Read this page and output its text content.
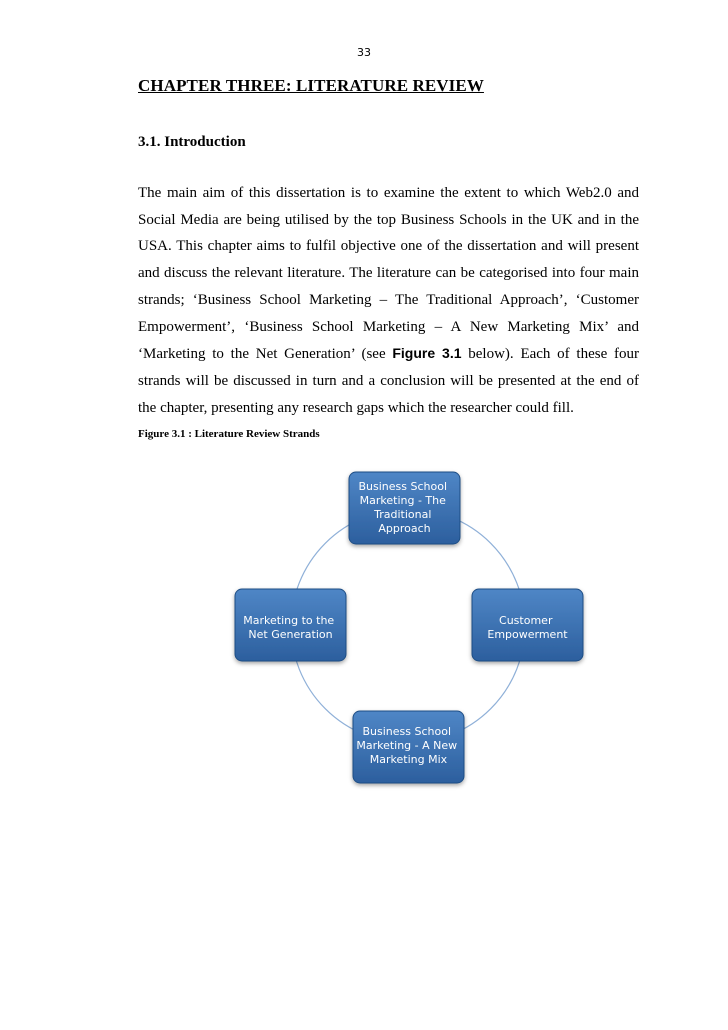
33
CHAPTER THREE: LITERATURE REVIEW
3.1. Introduction

The main aim of this dissertation is to examine the extent to which Web2.0 and Social Media are being utilised by the top Business Schools in the UK and in the USA. This chapter aims to fulfil objective one of the dissertation and will present and discuss the relevant literature. The literature can be categorised into four main strands; ‘Business School Marketing – The Traditional Approach’, ‘Customer Empowerment’, ‘Business School Marketing – A New Marketing Mix’ and ‘Marketing to the Net Generation’ (see Figure 3.1 below). Each of these four strands will be discussed in turn and a conclusion will be presented at the end of the chapter, presenting any research gaps which the researcher could fill.

Figure 3.1 : Literature Review Strands
Business School Marketing - The Traditional Approach
Customer Empowerment
Business School Marketing - A New Marketing Mix
Marketing to the Net Generation
